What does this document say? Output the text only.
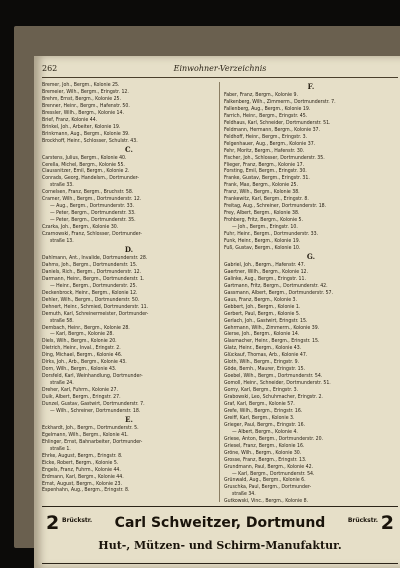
262	Einwohner-Verzeichnis
Bremer, Joh., Bergm., Kolonie 25.
Bremeier, Wilh., Bergm., Eringstr. 12.
Brehm, Ernst, Bergm., Kolonie 25.
Brenner, Heinr., Bergm., Hafenstr. 50.
Bressler, Wilh., Bergm., Kolonie 14.
Brief, Franz, Kolonie 44.
Brinkel, Joh., Arbeiter, Kolonie 19.
Brinkmann, Aug., Bergm., Kolonie 39.
Brockhoff, Heinr., Schlosser, Schulstr. 43.
C.
Carstens, Julius, Bergm., Kolonie 40.
Cerella, Michel, Bergm., Kolonie 55.
Claussnitzer, Emil, Bergm., Kolonie 2.
Conrads, Georg, Handelsm., Dortmunder-
straße 33.
Cornelsen, Franz, Bergm., Bruchstr. 58.
Cramer, Wilh., Bergm., Dortmunderstr. 12.
— Aug., Bergm., Dortmunderstr. 33.
— Peter, Bergm., Dortmunderstr. 33.
— Peter, Bergm., Dortmunderstr. 35.
Czarka, Joh., Bergm., Kolonie 30.
Czarnowski, Franz, Schlosser, Dortmunder-
straße 13.
D.
Dahlmann, Ant., Invalide, Dortmunderstr. 28.
Dahms, Joh., Bergm., Dortmunderstr. 15.
Daniels, Rich., Bergm., Dortmunderstr. 12.
Darmann, Heinr., Bergm., Dortmunderstr. 1.
— Heinr., Bergm., Dortmunderstr. 25.
Deckenbrock, Heinr., Bergm., Kolonie 12.
Dehler, Wilh., Bergm., Dortmunderstr. 50.
Dehnert, Heinr., Schmied, Dortmunderstr. 11.
Demuth, Karl, Schreinermeister, Dortmunder-
straße 58.
Dernbach, Heinr., Bergm., Kolonie 28.
— Karl, Bergm., Kolonie 28.
Diels, Wilh., Bergm., Kolonie 20.
Dietrich, Heinr., Inval., Eringstr. 2.
Ding, Michael, Bergm., Kolonie 46.
Dirks, Joh., Arb., Bergm., Kolonie 43.
Dorn, Wilh., Bergm., Kolonie 43.
Dorsfeld, Karl, Weinhandlung, Dortmunder-
straße 24.
Dreher, Karl, Fuhrm., Kolonie 27.
Duik, Albert, Bergm., Eringstr. 27.
Dunzel, Gustav, Gastwirt, Dortmunderstr. 7.
— Wilh., Schreiner, Dortmunderstr. 18.
E.
Eckhardt, Joh., Bergm., Dortmunderstr. 5.
Egelmann, Wilh., Bergm., Kolonie 41.
Ehlinger, Ernst, Bahnarbeiter, Dortmunder-
straße 1.
Ehrke, August, Bergm., Eringstr. 8.
Eicke, Robert, Bergm., Kolonie 5.
Engels, Franz, Fuhrm., Kolonie 44.
Erdmann, Karl, Bergm., Kolonie 44.
Ernst, August, Bergm., Kolonie 23.
Espenhahn, Aug., Bergm., Eringstr. 8.
F.
Faber, Franz, Bergm., Kolonie 9.
Falkenberg, Wilh., Zimmerm., Dortmunderstr. 7.
Fallenberg, Aug., Bergm., Kolonie 19.
Farrich, Heinr., Bergm., Eringstr. 45.
Feldhaus, Karl, Schneider, Dortmunderstr. 51.
Feldmann, Hermann, Bergm., Kolonie 37.
Feldhoff, Heinr., Bergm., Eringstr. 3.
Felgenhauer, Aug., Bergm., Kolonie 37.
Fehr, Moritz, Bergm., Hafenstr. 30.
Fischer, Joh., Schlosser, Dortmunderstr. 35.
Flieger, Franz, Bergm., Kolonie 17.
Forsting, Emil, Bergm., Eringstr. 30.
Franke, Gustav, Bergm., Eringstr. 31.
Frank, Max, Bergm., Kolonie 25.
Franz, Wilh., Bergm., Kolonie 38.
Frankewitz, Karl, Bergm., Eringstr. 8.
Freitag, Aug., Schreiner, Dortmunderstr. 18.
Frey, Albert, Bergm., Kolonie 38.
Frohberg, Fritz, Bergm., Kolonie 5.
— Joh., Bergm., Eringstr. 10.
Fuhr, Heinr., Bergm., Dortmunderstr. 33.
Funk, Heinr., Bergm., Kolonie 19.
Fuß, Gustav, Bergm., Kolonie 10.
G.
Gabriel, Joh., Bergm., Hafenstr. 47.
Gaertner, Wilh., Bergm., Kolonie 12.
Galinke, Aug., Bergm., Eringstr. 11.
Gartmann, Fritz, Bergm., Dortmunderstr. 42.
Gassmann, Albert, Bergm., Dortmunderstr. 57.
Gaus, Franz, Bergm., Kolonie 3.
Gebbert, Joh., Bergm., Kolonie 1.
Gerbert, Paul, Bergm., Kolonie 5.
Gerlach, Joh., Gastwirt, Eringstr. 15.
Gehrmann, Wilh., Zimmerm., Kolonie 39.
Gierse, Joh., Bergm., Kolonie 14.
Glasmacher, Heinr., Bergm., Eringstr. 15.
Glatz, Heinr., Bergm., Kolonie 43.
Glückauf, Thomas, Arb., Kolonie 47.
Gloth, Wilh., Bergm., Eringstr. 9.
Göde, Bernh., Maurer, Eringstr. 15.
Goebel, Wilh., Bergm., Dortmunderstr. 54.
Gomoll, Heinr., Schneider, Dortmunderstr. 51.
Gorny, Karl, Bergm., Eringstr. 3.
Grabowski, Leo, Schuhmacher, Eringstr. 2.
Graf, Karl, Bergm., Kolonie 57.
Grefe, Wilh., Bergm., Eringstr. 16.
Greiff, Karl, Bergm., Kolonie 3.
Grieger, Paul, Bergm., Eringstr. 16.
— Albert, Bergm., Kolonie 4.
Griese, Anton, Bergm., Dortmunderstr. 20.
Griesel, Franz, Bergm., Kolonie 16.
Gröne, Wilh., Bergm., Kolonie 30.
Grosse, Franz, Bergm., Eringstr. 13.
Grundmann, Paul, Bergm., Kolonie 42.
— Karl, Bergm., Dortmunderstr. 54.
Grünwald, Aug., Bergm., Kolonie 6.
Gruschka, Paul, Bergm., Dortmunder-
straße 34.
Gutkowski, Vinc., Bergm., Kolonie 8.
2 Brückstr. Carl Schweitzer, Dortmund	Brückstr. 2
Hut-, Mützen- und Schirm-Manufaktur.
